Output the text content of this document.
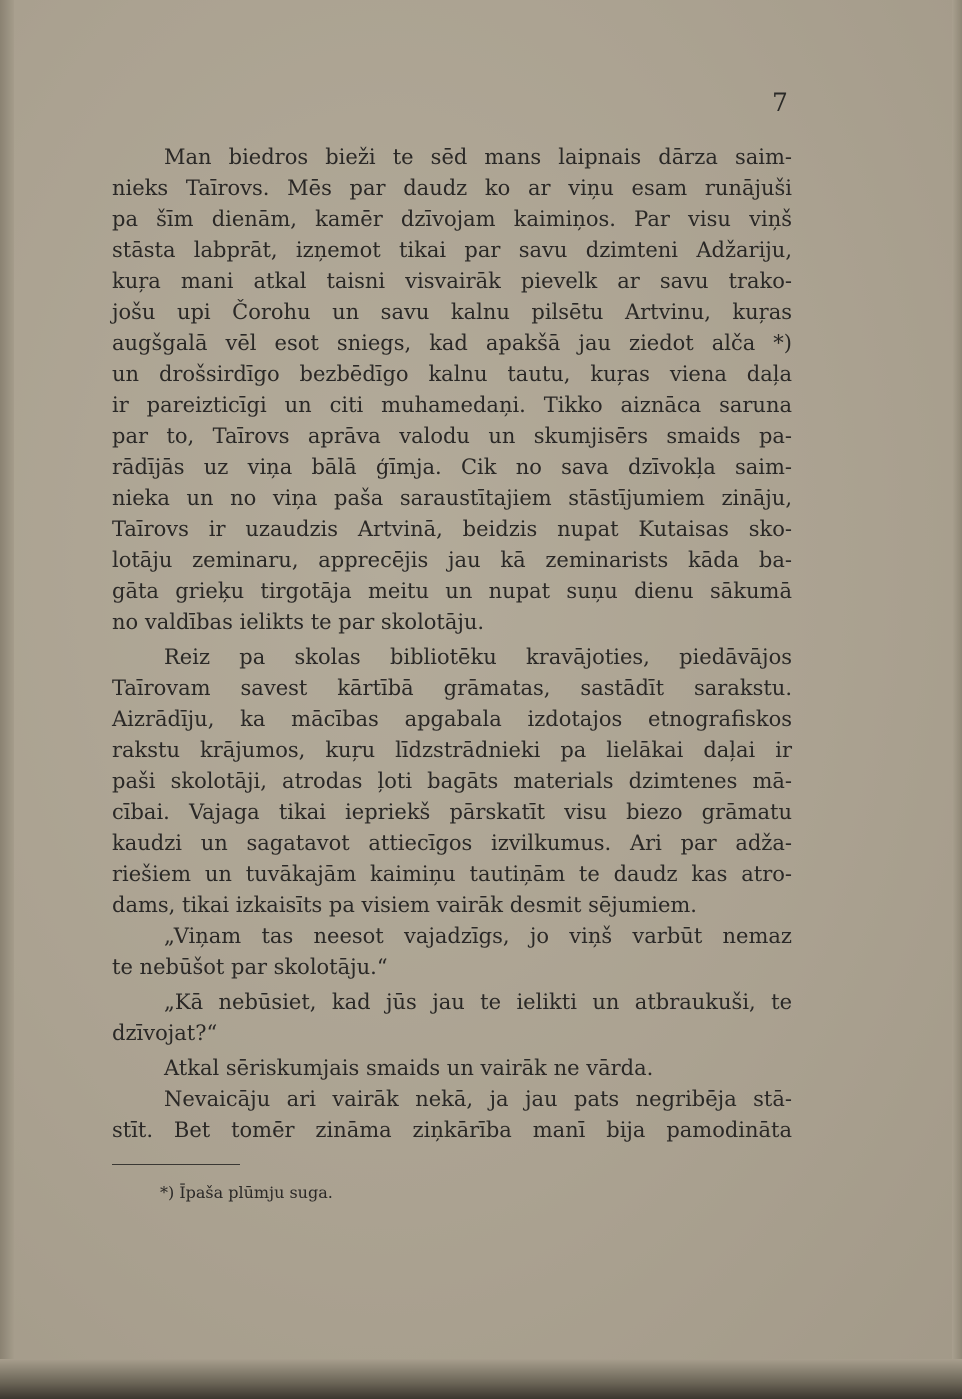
7
Man biedros bieži te sēd mans laipnais dārza saim-
nieks Taīrovs. Mēs par daudz ko ar viņu esam runājuši
pa šīm dienām, kamēr dzīvojam kaimiņos. Par visu viņš
stāsta labprāt, izņemot tikai par savu dzimteni Adžariju,
kuŗa mani atkal taisni visvairāk pievelk ar savu trako-
jošu upi Čorohu un savu kalnu pilsētu Artvinu, kuŗas
augšgalā vēl esot sniegs, kad apakšā jau ziedot alča *)
un drošsirdīgo bezbēdīgo kalnu tautu, kuŗas viena daļa
ir pareizticīgi un citi muhamedaņi. Tikko aiznāca saruna
par to, Taīrovs aprāva valodu un skumjisērs smaids pa-
rādījās uz viņa bālā ģīmja. Cik no sava dzīvokļa saim-
nieka un no viņa paša saraustītajiem stāstījumiem zināju,
Taīrovs ir uzaudzis Artvinā, beidzis nupat Kutaisas sko-
lotāju zeminaru, apprecējis jau kā zeminarists kāda ba-
gāta grieķu tirgotāja meitu un nupat suņu dienu sākumā
no valdības ielikts te par skolotāju.
Reiz pa skolas bibliotēku kravājoties, piedāvājos
Taīrovam savest kārtībā grāmatas, sastādīt sarakstu.
Aizrādīju, ka mācības apgabala izdotajos etnografiskos
rakstu krājumos, kuŗu līdzstrādnieki pa lielākai daļai ir
paši skolotāji, atrodas ļoti bagāts materials dzimtenes mā-
cībai. Vajaga tikai iepriekš pārskatīt visu biezo grāmatu
kaudzi un sagatavot attiecīgos izvilkumus. Ari par adža-
riešiem un tuvākajām kaimiņu tautiņām te daudz kas atro-
dams, tikai izkaisīts pa visiem vairāk desmit sējumiem.
„Viņam tas neesot vajadzīgs, jo viņš varbūt nemaz
te nebūšot par skolotāju.“
„Kā nebūsiet, kad jūs jau te ielikti un atbraukuši, te
dzīvojat?“
Atkal sēriskumjais smaids un vairāk ne vārda.
Nevaicāju ari vairāk nekā, ja jau pats negribēja stā-
stīt. Bet tomēr zināma ziņkārība manī bija pamodināta
*) Īpaša plūmju suga.
